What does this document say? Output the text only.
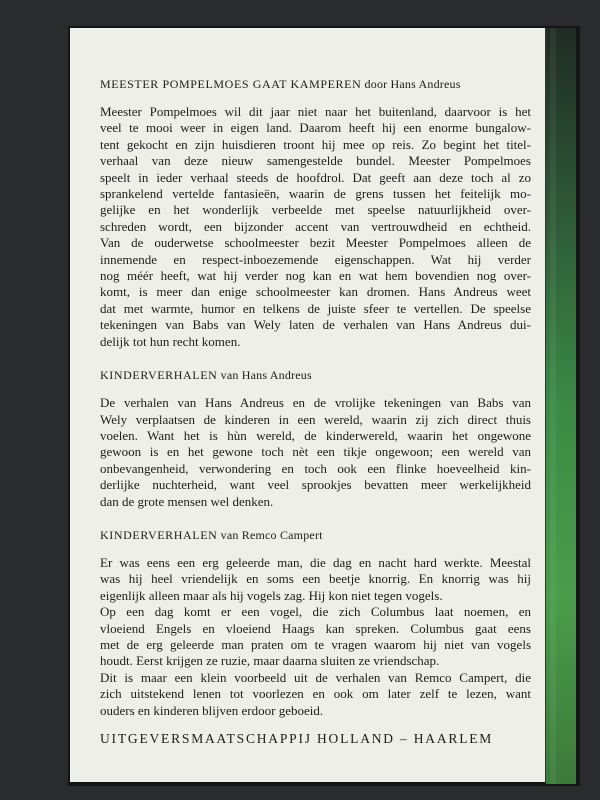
MEESTER POMPELMOES GAAT KAMPEREN door Hans Andreus

Meester Pompelmoes wil dit jaar niet naar het buitenland, daarvoor is het
veel te mooi weer in eigen land. Daarom heeft hij een enorme bungalow-
tent gekocht en zijn huisdieren troont hij mee op reis. Zo begint het titel-
verhaal van deze nieuw samengestelde bundel. Meester Pompelmoes
speelt in ieder verhaal steeds de hoofdrol. Dat geeft aan deze toch al zo
sprankelend vertelde fantasieën, waarin de grens tussen het feitelijk mo-
gelijke en het wonderlijk verbeelde met speelse natuurlijkheid over-
schreden wordt, een bijzonder accent van vertrouwdheid en echtheid.
Van de ouderwetse schoolmeester bezit Meester Pompelmoes alleen de
innemende en respect-inboezemende eigenschappen. Wat hij verder
nog méér heeft, wat hij verder nog kan en wat hem bovendien nog over-
komt, is meer dan enige schoolmeester kan dromen. Hans Andreus weet
dat met warmte, humor en telkens de juiste sfeer te vertellen. De speelse
tekeningen van Babs van Wely laten de verhalen van Hans Andreus dui-
delijk tot hun recht komen.

KINDERVERHALEN van Hans Andreus

De verhalen van Hans Andreus en de vrolijke tekeningen van Babs van
Wely verplaatsen de kinderen in een wereld, waarin zij zich direct thuis
voelen. Want het is hùn wereld, de kinderwereld, waarin het ongewone
gewoon is en het gewone toch nèt een tikje ongewoon; een wereld van
onbevangenheid, verwondering en toch ook een flinke hoeveelheid kin-
derlijke nuchterheid, want veel sprookjes bevatten meer werkelijkheid
dan de grote mensen wel denken.

KINDERVERHALEN van Remco Campert

Er was eens een erg geleerde man, die dag en nacht hard werkte. Meestal
was hij heel vriendelijk en soms een beetje knorrig. En knorrig was hij
eigenlijk alleen maar als hij vogels zag. Hij kon niet tegen vogels.
Op een dag komt er een vogel, die zich Columbus laat noemen, en
vloeiend Engels en vloeiend Haags kan spreken. Columbus gaat eens
met de erg geleerde man praten om te vragen waarom hij niet van vogels
houdt. Eerst krijgen ze ruzie, maar daarna sluiten ze vriendschap.
Dit is maar een klein voorbeeld uit de verhalen van Remco Campert, die
zich uitstekend lenen tot voorlezen en ook om later zelf te lezen, want
ouders en kinderen blijven erdoor geboeid.

UITGEVERSMAATSCHAPPIJ HOLLAND – HAARLEM
